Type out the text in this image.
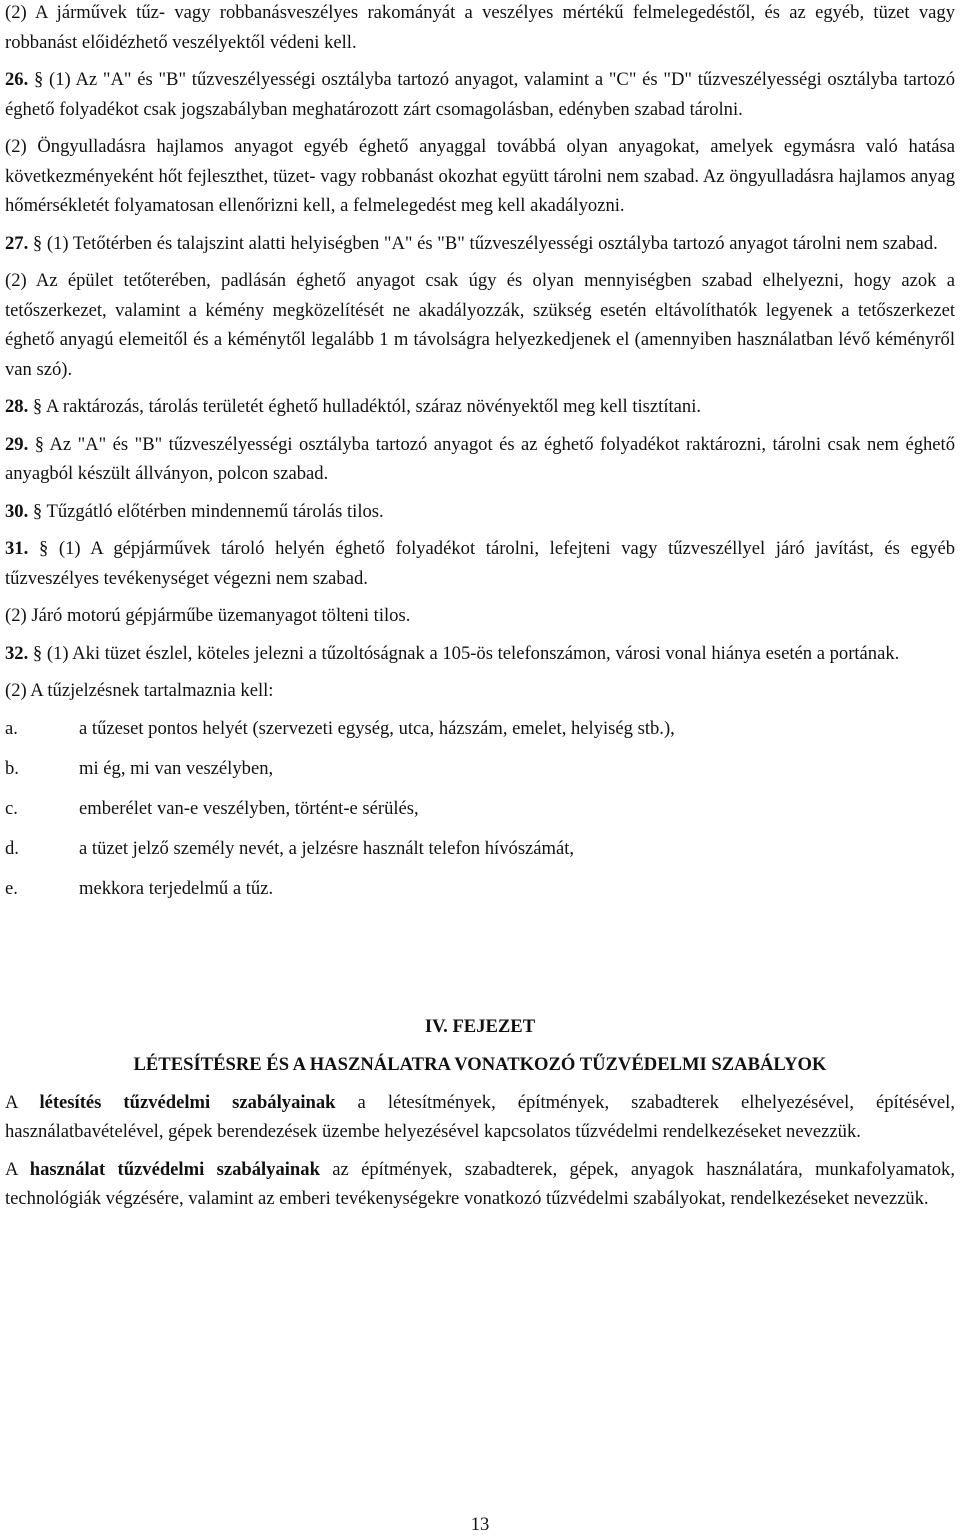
(2) A járművek tűz- vagy robbanásveszélyes rakományát a veszélyes mértékű felmelegedéstől, és az egyéb, tüzet vagy robbanást előidézhető veszélyektől védeni kell.

26. § (1) Az "A" és "B" tűzveszélyességi osztályba tartozó anyagot, valamint a "C" és "D" tűzveszélyességi osztályba tartozó éghető folyadékot csak jogszabályban meghatározott zárt csomagolásban, edényben szabad tárolni.

(2) Öngyulladásra hajlamos anyagot egyéb éghető anyaggal továbbá olyan anyagokat, amelyek egymásra való hatása következményeként hőt fejleszthet, tüzet- vagy robbanást okozhat együtt tárolni nem szabad. Az öngyulladásra hajlamos anyag hőmérsékletét folyamatosan ellenőrizni kell, a felmelegedést meg kell akadályozni.

27. § (1) Tetőtérben és talajszint alatti helyiségben "A" és "B" tűzveszélyességi osztályba tartozó anyagot tárolni nem szabad.

(2) Az épület tetőterében, padlásán éghető anyagot csak úgy és olyan mennyiségben szabad elhelyezni, hogy azok a tetőszerkezet, valamint a kémény megközelítését ne akadályozzák, szükség esetén eltávolíthatók legyenek a tetőszerkezet éghető anyagú elemeitől és a kéménytől legalább 1 m távolságra helyezkedjenek el (amennyiben használatban lévő kéményről van szó).

28. § A raktározás, tárolás területét éghető hulladéktól, száraz növényektől meg kell tisztítani.

29. § Az "A" és "B" tűzveszélyességi osztályba tartozó anyagot és az éghető folyadékot raktározni, tárolni csak nem éghető anyagból készült állványon, polcon szabad.

30. § Tűzgátló előtérben mindennemű tárolás tilos.

31. § (1) A gépjárművek tároló helyén éghető folyadékot tárolni, lefejteni vagy tűzveszéllyel járó javítást, és egyéb tűzveszélyes tevékenységet végezni nem szabad.

(2) Járó motorú gépjárműbe üzemanyagot tölteni tilos.

32. § (1) Aki tüzet észlel, köteles jelezni a tűzoltóságnak a 105-ös telefonszámon, városi vonal hiánya esetén a portának.

(2) A tűzjelzésnek tartalmaznia kell:

a.	a tűzeset pontos helyét (szervezeti egység, utca, házszám, emelet, helyiség stb.),
b.	mi ég, mi van veszélyben,
c.	emberélet van-e veszélyben, történt-e sérülés,
d.	a tüzet jelző személy nevét, a jelzésre használt telefon hívószámát,
e.	mekkora terjedelmű a tűz.
IV. FEJEZET
LÉTESÍTÉSRE ÉS A HASZNÁLATRA VONATKOZÓ TŰZVÉDELMI SZABÁLYOK

A létesítés tűzvédelmi szabályainak a létesítmények, építmények, szabadterek elhelyezésével, építésével, használatbavételével, gépek berendezések üzembe helyezésével kapcsolatos tűzvédelmi rendelkezéseket nevezzük.

A használat tűzvédelmi szabályainak az építmények, szabadterek, gépek, anyagok használatára, munkafolyamatok, technológiák végzésére, valamint az emberi tevékenységekre vonatkozó tűzvédelmi szabályokat, rendelkezéseket nevezzük.

13
